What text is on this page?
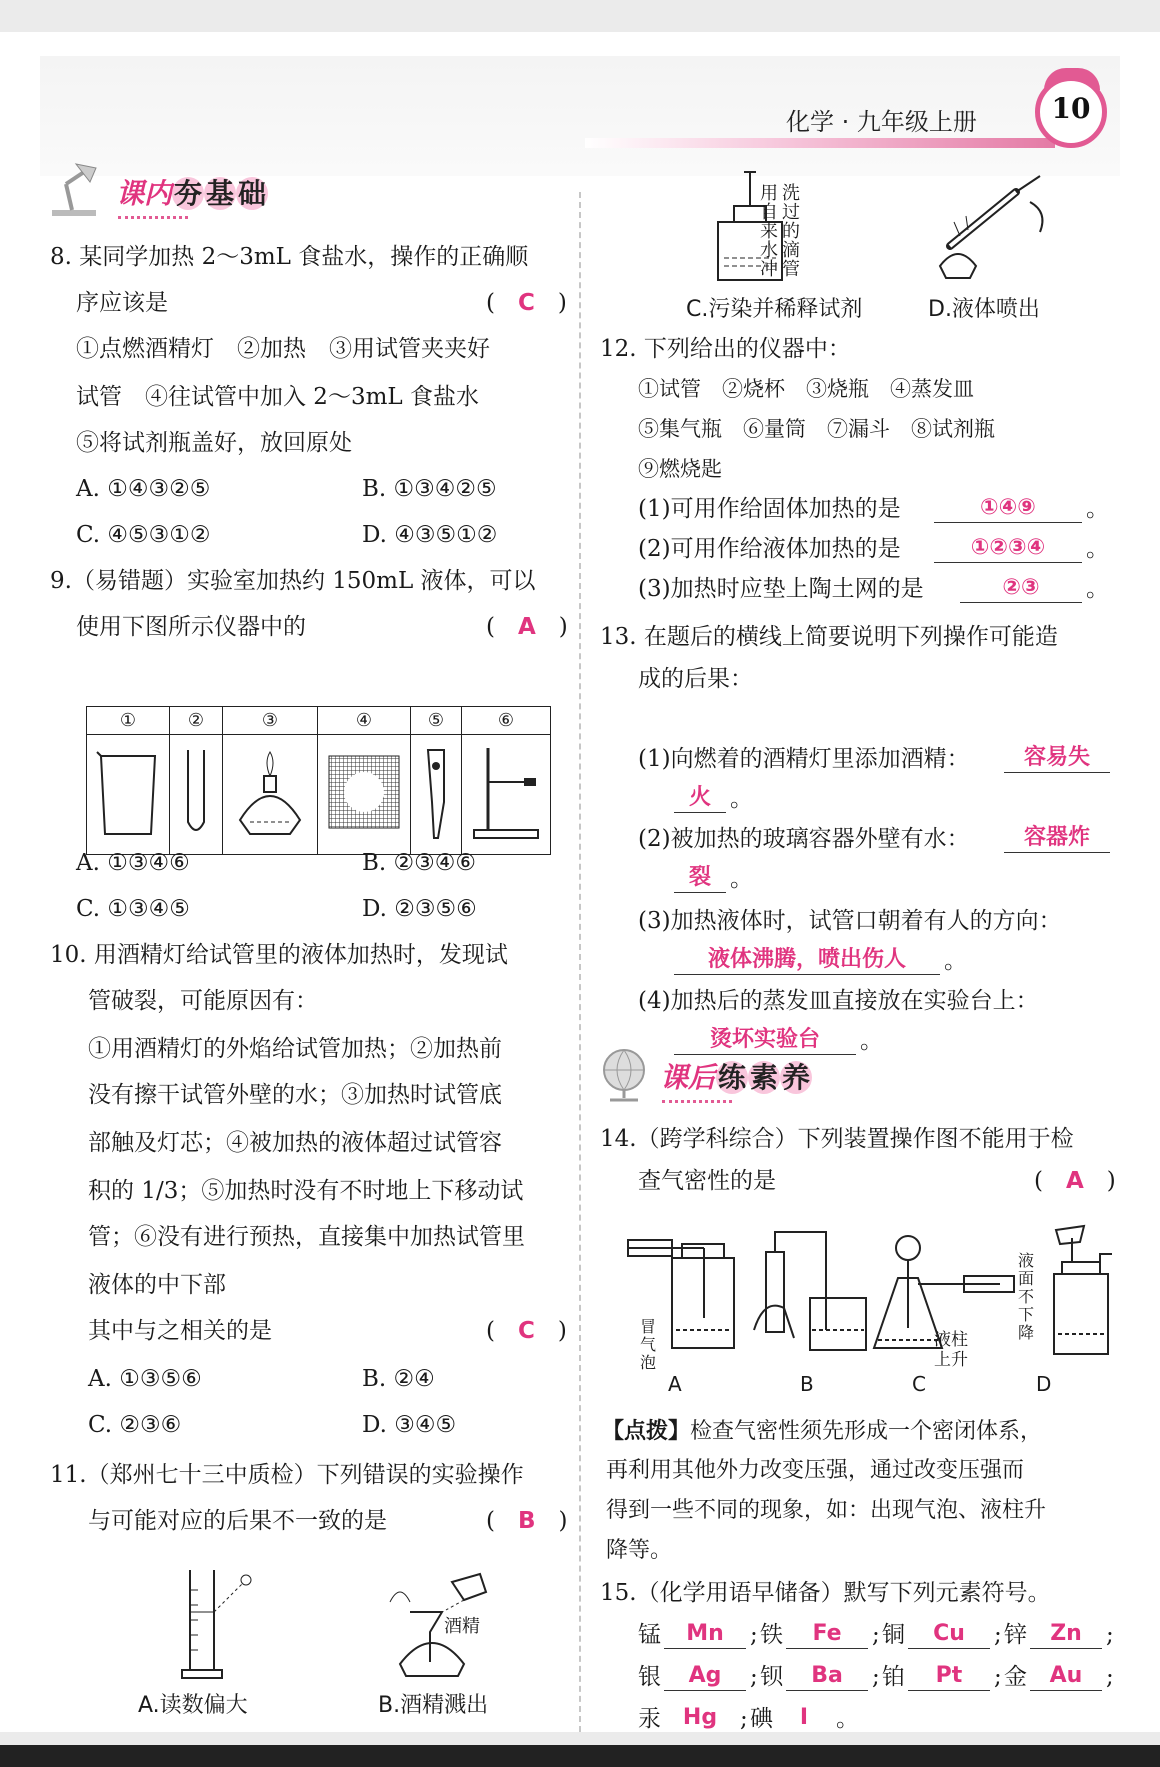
化学 · 九年级上册	10
课内夯 基 础
8. 某同学加热 2～3mL 食盐水，操作的正确顺
序应该是	(　C　)
①点燃酒精灯　②加热　③用试管夹夹好
试管　④往试管中加入 2～3mL 食盐水
⑤将试剂瓶盖好，放回原处
A. ①④③②⑤	B. ①③④②⑤
C. ④⑤③①②	D. ④③⑤①②
9.（易错题）实验室加热约 150mL 液体，可以
使用下图所示仪器中的	(　A　)
①	②	③	④	⑤	⑥

A. ①③④⑥	B. ②③④⑥
C. ①③④⑤	D. ②③⑤⑥
10. 用酒精灯给试管里的液体加热时，发现试
管破裂，可能原因有：
①用酒精灯的外焰给试管加热；②加热前
没有擦干试管外壁的水；③加热时试管底
部触及灯芯；④被加热的液体超过试管容
积的 1/3；⑤加热时没有不时地上下移动试
管；⑥没有进行预热，直接集中加热试管里
液体的中下部
其中与之相关的是	(　C　)
A. ①③⑤⑥	B. ②④
C. ②③⑥	D. ③④⑤
11.（郑州七十三中质检）下列错误的实验操作
与可能对应的后果不一致的是	(　B　)
A.读数偏大
酒精
B.酒精溅出
用自来水冲
洗过的滴管
C.污染并稀释试剂	D.液体喷出
12. 下列给出的仪器中：
①试管　②烧杯　③烧瓶　④蒸发皿
⑤集气瓶　⑥量筒　⑦漏斗　⑧试剂瓶
⑨燃烧匙
(1)可用作给固体加热的是	①④⑨	。
(2)可用作给液体加热的是	①②③④	。
(3)加热时应垫上陶土网的是	②③	。
13. 在题后的横线上简要说明下列操作可能造
成的后果：
(1)向燃着的酒精灯里添加酒精：	容易失
火 。
(2)被加热的玻璃容器外壁有水：	容器炸
裂 。
(3)加热液体时，试管口朝着有人的方向：
液体沸腾，喷出伤人	。
(4)加热后的蒸发皿直接放在实验台上：
烫坏实验台	。
课后练 素 养
14.（跨学科综合）下列装置操作图不能用于检
查气密性的是	(　A　)
冒气泡
液柱
上升
液面不下降
A	B	C	D
【点拨】检查气密性须先形成一个密闭体系，
再利用其他外力改变压强，通过改变压强而
得到一些不同的现象，如：出现气泡、液柱升
降等。
15.（化学用语早储备）默写下列元素符号。
锰	Mn	; 铁	Fe	; 铜	Cu	; 锌	Zn	;
银	Ag	; 钡	Ba	; 铂	Pt	; 金	Au	;
汞 Hg ; 碘	I	。
